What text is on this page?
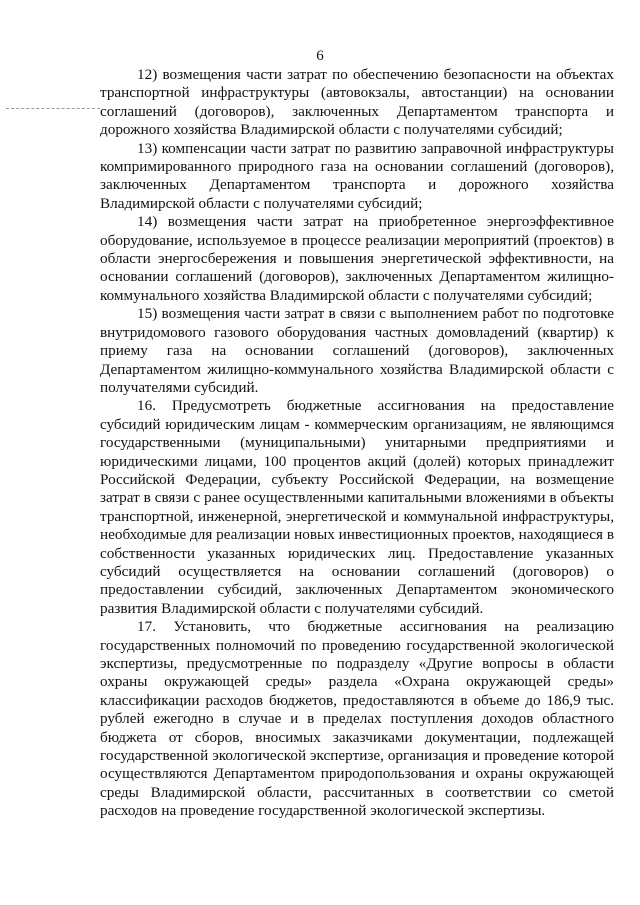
6

12) возмещения части затрат по обеспечению безопасности на объектах транспортной инфраструктуры (автовокзалы, автостанции) на основании соглашений (договоров), заключенных Департаментом транспорта и дорожного хозяйства Владимирской области с получателями субсидий;

13) компенсации части затрат по развитию заправочной инфраструктуры компримированного природного газа на основании соглашений (договоров), заключенных Департаментом транспорта и дорожного хозяйства Владимирской области с получателями субсидий;

14) возмещения части затрат на приобретенное энергоэффективное оборудование, используемое в процессе реализации мероприятий (проектов) в области энергосбережения и повышения энергетической эффективности, на основании соглашений (договоров), заключенных Департаментом жилищно-коммунального хозяйства Владимирской области с получателями субсидий;

15) возмещения части затрат в связи с выполнением работ по подготовке внутридомового газового оборудования частных домовладений (квартир) к приему газа на основании соглашений (договоров), заключенных Департаментом жилищно-коммунального хозяйства Владимирской области с получателями субсидий.

16. Предусмотреть бюджетные ассигнования на предоставление субсидий юридическим лицам - коммерческим организациям, не являющимся государственными (муниципальными) унитарными предприятиями и юридическими лицами, 100 процентов акций (долей) которых принадлежит Российской Федерации, субъекту Российской Федерации, на возмещение затрат в связи с ранее осуществленными капитальными вложениями в объекты транспортной, инженерной, энергетической и коммунальной инфраструктуры, необходимые для реализации новых инвестиционных проектов, находящиеся в собственности указанных юридических лиц. Предоставление указанных субсидий осуществляется на основании соглашений (договоров) о предоставлении субсидий, заключенных Департаментом экономического развития Владимирской области с получателями субсидий.

17. Установить, что бюджетные ассигнования на реализацию государственных полномочий по проведению государственной экологической экспертизы, предусмотренные по подразделу «Другие вопросы в области охраны окружающей среды» раздела «Охрана окружающей среды» классификации расходов бюджетов, предоставляются в объеме до 186,9 тыс. рублей ежегодно в случае и в пределах поступления доходов областного бюджета от сборов, вносимых заказчиками документации, подлежащей государственной экологической экспертизе, организация и проведение которой осуществляются Департаментом природопользования и охраны окружающей среды Владимирской области, рассчитанных в соответствии со сметой расходов на проведение государственной экологической экспертизы.
